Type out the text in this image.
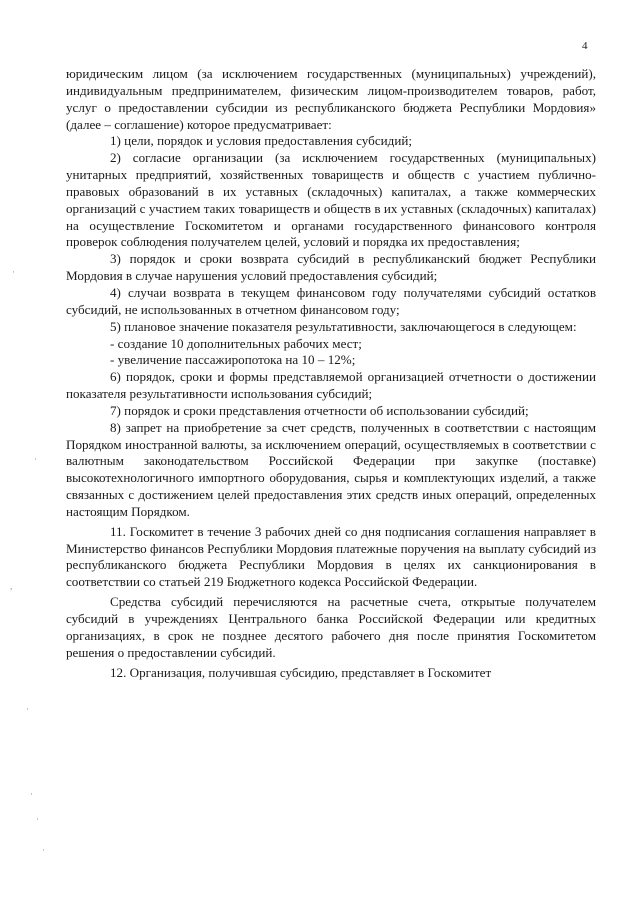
4

юридическим лицом (за исключением государственных (муниципальных) учреждений), индивидуальным предпринимателем, физическим лицом-производителем товаров, работ, услуг о предоставлении субсидии из республиканского бюджета Республики Мордовия» (далее – соглашение) которое предусматривает:

1) цели, порядок и условия предоставления субсидий;

2) согласие организации (за исключением государственных (муниципальных) унитарных предприятий, хозяйственных товариществ и обществ с участием публично-правовых образований в их уставных (складочных) капиталах, а также коммерческих организаций с участием таких товариществ и обществ в их уставных (складочных) капиталах) на осуществление Госкомитетом и органами государственного финансового контроля проверок соблюдения получателем целей, условий и порядка их предоставления;

3) порядок и сроки возврата субсидий в республиканский бюджет Республики Мордовия в случае нарушения условий предоставления субсидий;

4) случаи возврата в текущем финансовом году получателями субсидий остатков субсидий, не использованных в отчетном финансовом году;

5) плановое значение показателя результативности, заключающегося в следующем:

- создание 10 дополнительных рабочих мест;

- увеличение пассажиропотока на 10 – 12%;

6) порядок, сроки и формы представляемой организацией отчетности о достижении показателя результативности использования субсидий;

7) порядок и сроки представления отчетности об использовании субсидий;

8) запрет на приобретение за счет средств, полученных в соответствии с настоящим Порядком иностранной валюты, за исключением операций, осуществляемых в соответствии с валютным законодательством Российской Федерации при закупке (поставке) высокотехнологичного импортного оборудования, сырья и комплектующих изделий, а также связанных с достижением целей предоставления этих средств иных операций, определенных настоящим Порядком.

11. Госкомитет в течение 3 рабочих дней со дня подписания соглашения направляет в Министерство финансов Республики Мордовия платежные поручения на выплату субсидий из республиканского бюджета Республики Мордовия в целях их санкционирования в соответствии со статьей 219 Бюджетного кодекса Российской Федерации.

Средства субсидий перечисляются на расчетные счета, открытые получателем субсидий в учреждениях Центрального банка Российской Федерации или кредитных организациях, в срок не позднее десятого рабочего дня после принятия Госкомитетом решения о предоставлении субсидий.

12. Организация, получившая субсидию, представляет в Госкомитет

·
·
,
·
·
·
·
